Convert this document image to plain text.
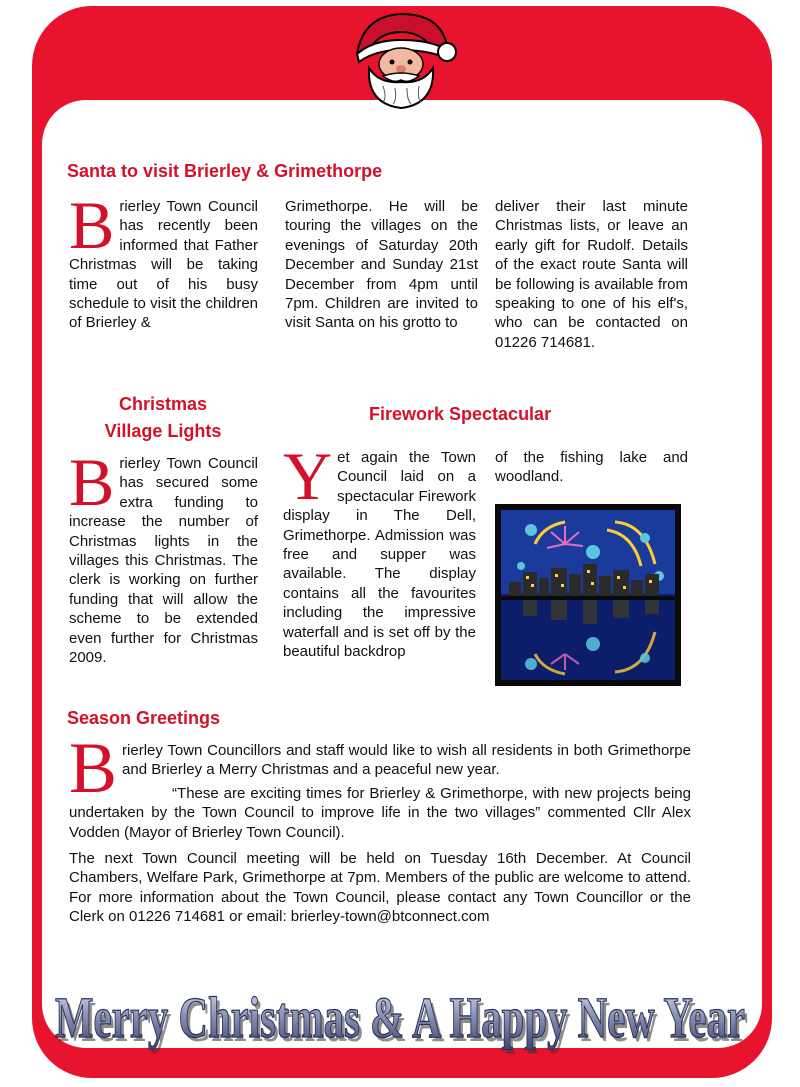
Santa to visit Brierley & Grimethorpe
Brierley Town Council has recently been informed that Father Christmas will be taking time out of his busy schedule to visit the children of Brierley &
Grimethorpe. He will be touring the villages on the evenings of Saturday 20th December and Sunday 21st December from 4pm until 7pm. Children are invited to visit Santa on his grotto to
deliver their last minute Christmas lists, or leave an early gift for Rudolf. Details of the exact route Santa will be following is available from speaking to one of his elf's, who can be contacted on 01226 714681.
Christmas
Village Lights
Brierley Town Council has secured some extra funding to increase the number of Christmas lights in the villages this Christmas. The clerk is working on further funding that will allow the scheme to be extended even further for Christmas 2009.
Firework Spectacular
Yet again the Town Council laid on a spectacular Firework display in The Dell, Grimethorpe. Admission was free and supper was available. The display contains all the favourites including the impressive waterfall and is set off by the beautiful backdrop
of the fishing lake and woodland.
Season Greetings

Brierley Town Councillors and staff would like to wish all residents in both Grimethorpe and Brierley a Merry Christmas and a peaceful new year.

“These are exciting times for Brierley & Grimethorpe, with new projects being undertaken by the Town Council to improve life in the two villages” commented Cllr Alex Vodden (Mayor of Brierley Town Council).

The next Town Council meeting will be held on Tuesday 16th December. At Council Chambers, Welfare Park, Grimethorpe at 7pm. Members of the public are welcome to attend. For more information about the Town Council, please contact any Town Councillor or the Clerk on 01226 714681 or email: brierley-town@btconnect.com

Merry Christmas & A Happy New Year
Merry Christmas & A Happy New Year
